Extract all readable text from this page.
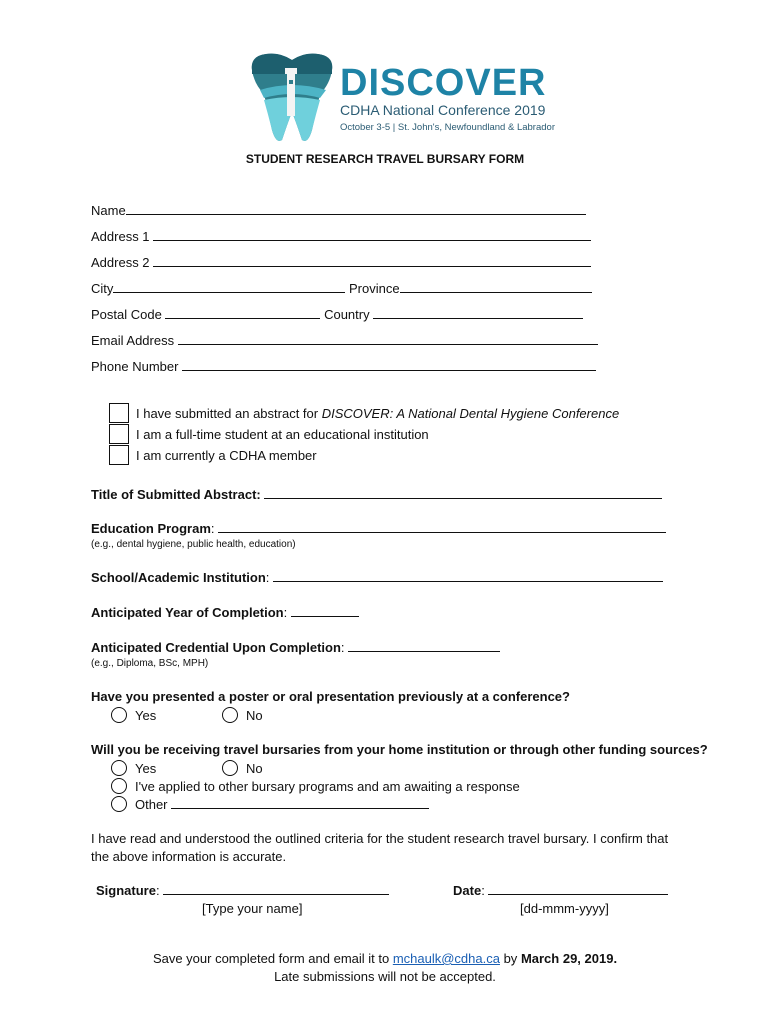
DISCOVER
CDHA National Conference 2019
October 3-5 | St. John's, Newfoundland & Labrador
STUDENT RESEARCH TRAVEL BURSARY FORM
Name
Address 1
Address 2
City	Province
Postal Code	Country
Email Address
Phone Number
I have submitted an abstract for DISCOVER: A National Dental Hygiene Conference
I am a full-time student at an educational institution
I am currently a CDHA member
Title of Submitted Abstract:
Education Program:
(e.g., dental hygiene, public health, education)
School/Academic Institution:
Anticipated Year of Completion:
Anticipated Credential Upon Completion:
(e.g., Diploma, BSc, MPH)
Have you presented a poster or oral presentation previously at a conference?
Yes	No
Will you be receiving travel bursaries from your home institution or through other funding sources?
Yes	No
I've applied to other bursary programs and am awaiting a response
Other
I have read and understood the outlined criteria for the student research travel bursary. I confirm that
the above information is accurate.
Signature:
[Type your name]
Date:
[dd-mmm-yyyy]
Save your completed form and email it to mchaulk@cdha.ca by March 29, 2019.
Late submissions will not be accepted.
